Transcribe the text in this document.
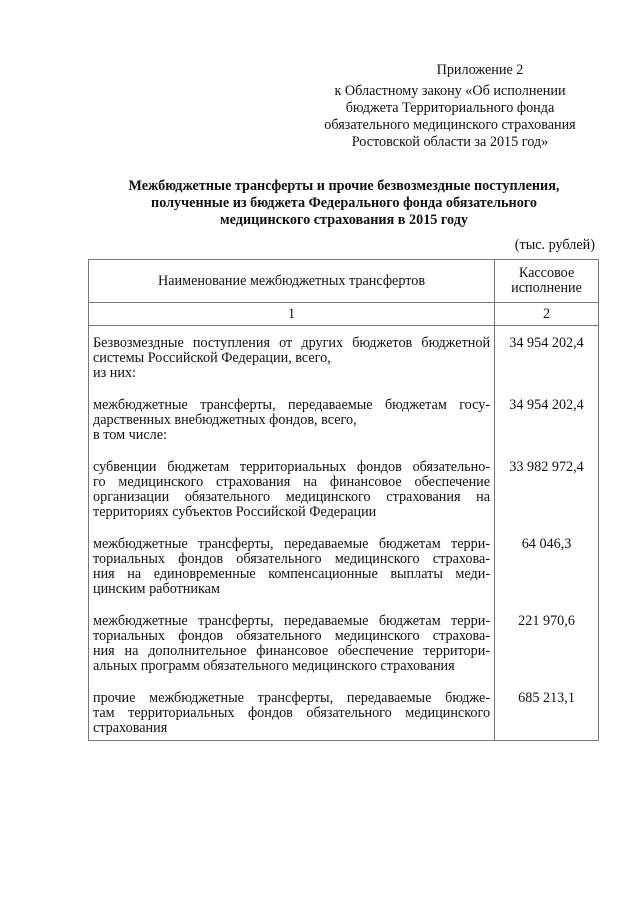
Приложение 2
к Областному закону «Об исполнении
бюджета Территориального фонда
обязательного медицинского страхования
Ростовской области за 2015 год»
Межбюджетные трансферты и прочие безвозмездные поступления,
полученные из бюджета Федерального фонда обязательного
медицинского страхования в 2015 году
(тыс. рублей)
Наименование межбюджетных трансфертов	Кассовое
исполнение

1	2

Безвозмездные поступления от других бюджетов бюджетной
системы Российской Федерации, всего,
из них:	34 954 202,4

межбюджетные трансферты, передаваемые бюджетам госу-
дарственных внебюджетных фондов, всего,
в том числе:	34 954 202,4

субвенции бюджетам территориальных фондов обязательно-
го медицинского страхования на финансовое обеспечение
организации обязательного медицинского страхования на
территориях субъектов Российской Федерации	33 982 972,4

межбюджетные трансферты, передаваемые бюджетам терри-
ториальных фондов обязательного медицинского страхова-
ния на единовременные компенсационные выплаты меди-
цинским работникам	64 046,3

межбюджетные трансферты, передаваемые бюджетам терри-
ториальных фондов обязательного медицинского страхова-
ния на дополнительное финансовое обеспечение территори-
альных программ обязательного медицинского страхования	221 970,6

прочие межбюджетные трансферты, передаваемые бюдже-
там территориальных фондов обязательного медицинского
страхования	685 213,1
